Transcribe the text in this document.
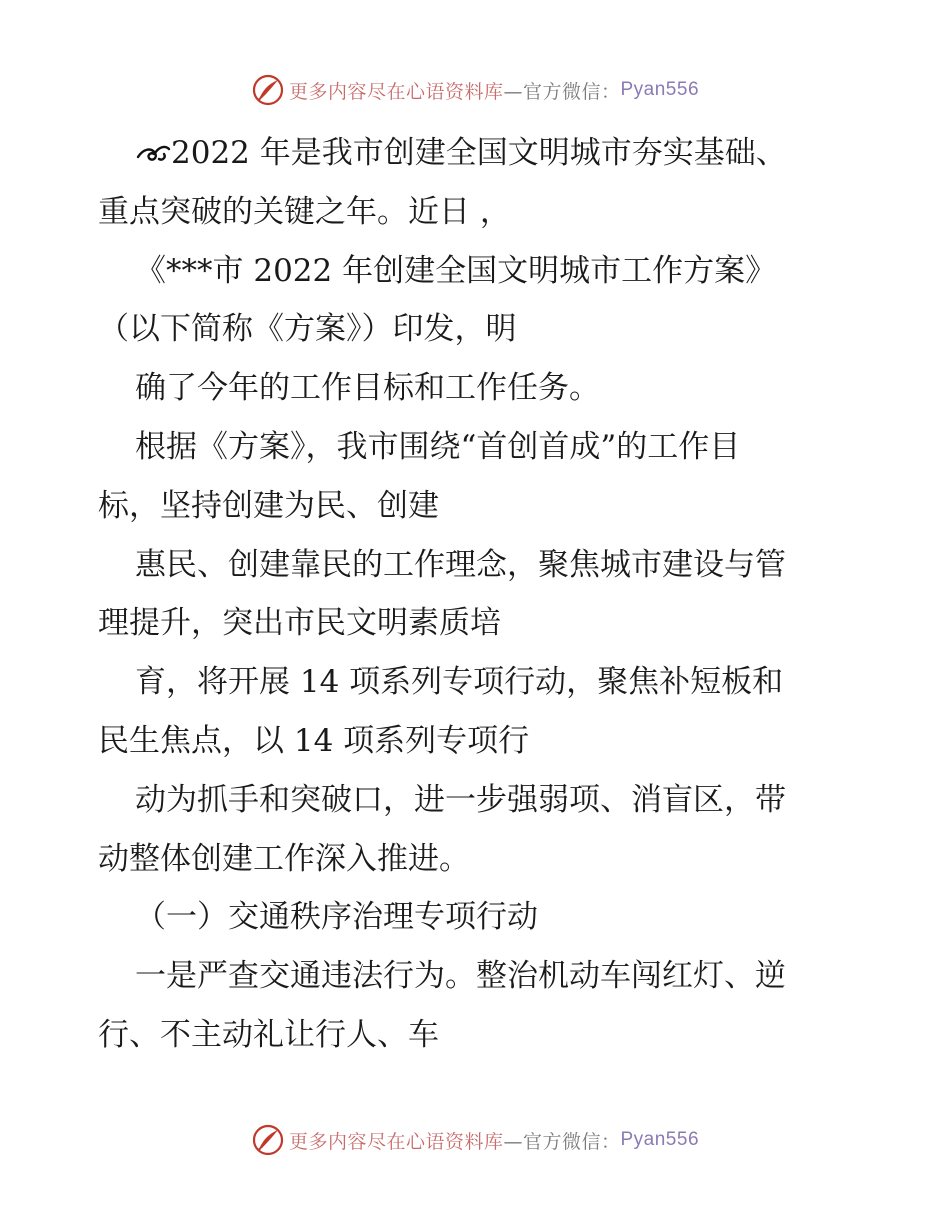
更多内容尽在心语资料库 —官方微信： Pyan556
2022 年是我市创建全国文明城市夯实基础、
重点突破的关键之年。近日 ，
《***市 2022 年创建全国文明城市工作方案》
（以下简称《方案》）印发，明
确了今年的工作目标和工作任务。
根据《方案》，我市围绕“首创首成”的工作目
标，坚持创建为民、创建
惠民、创建靠民的工作理念，聚焦城市建设与管
理提升，突出市民文明素质培
育，将开展 14 项系列专项行动，聚焦补短板和
民生焦点，以 14 项系列专项行
动为抓手和突破口，进一步强弱项、消盲区，带
动整体创建工作深入推进。
（一）交通秩序治理专项行动
一是严查交通违法行为。整治机动车闯红灯、逆
行、不主动礼让行人、车
更多内容尽在心语资料库 —官方微信： Pyan556
